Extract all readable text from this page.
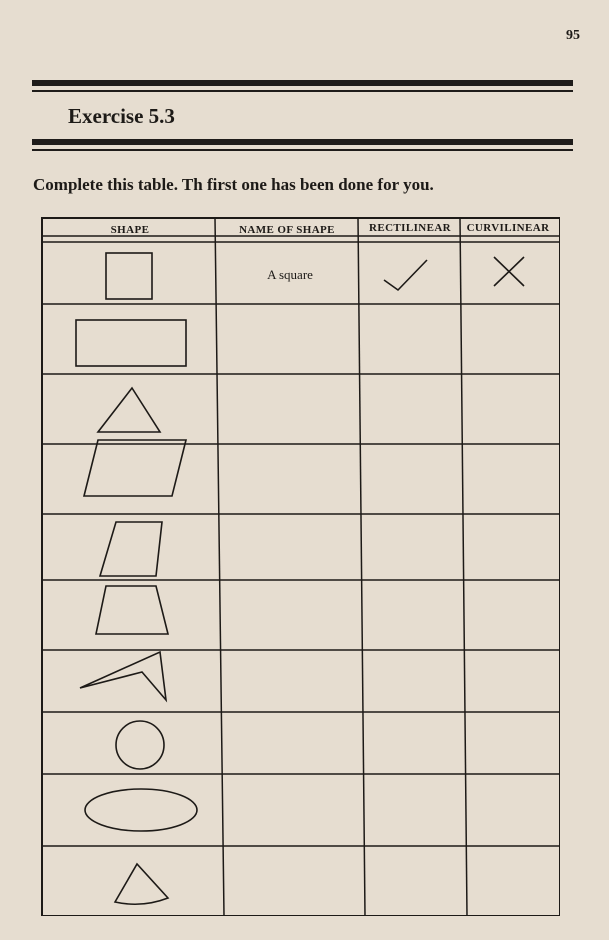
95
Exercise 5.3

Complete this table. Th first one has been done for you.

SHAPE	NAME OF SHAPE	RECTILINEAR CURVILINEAR
A square
